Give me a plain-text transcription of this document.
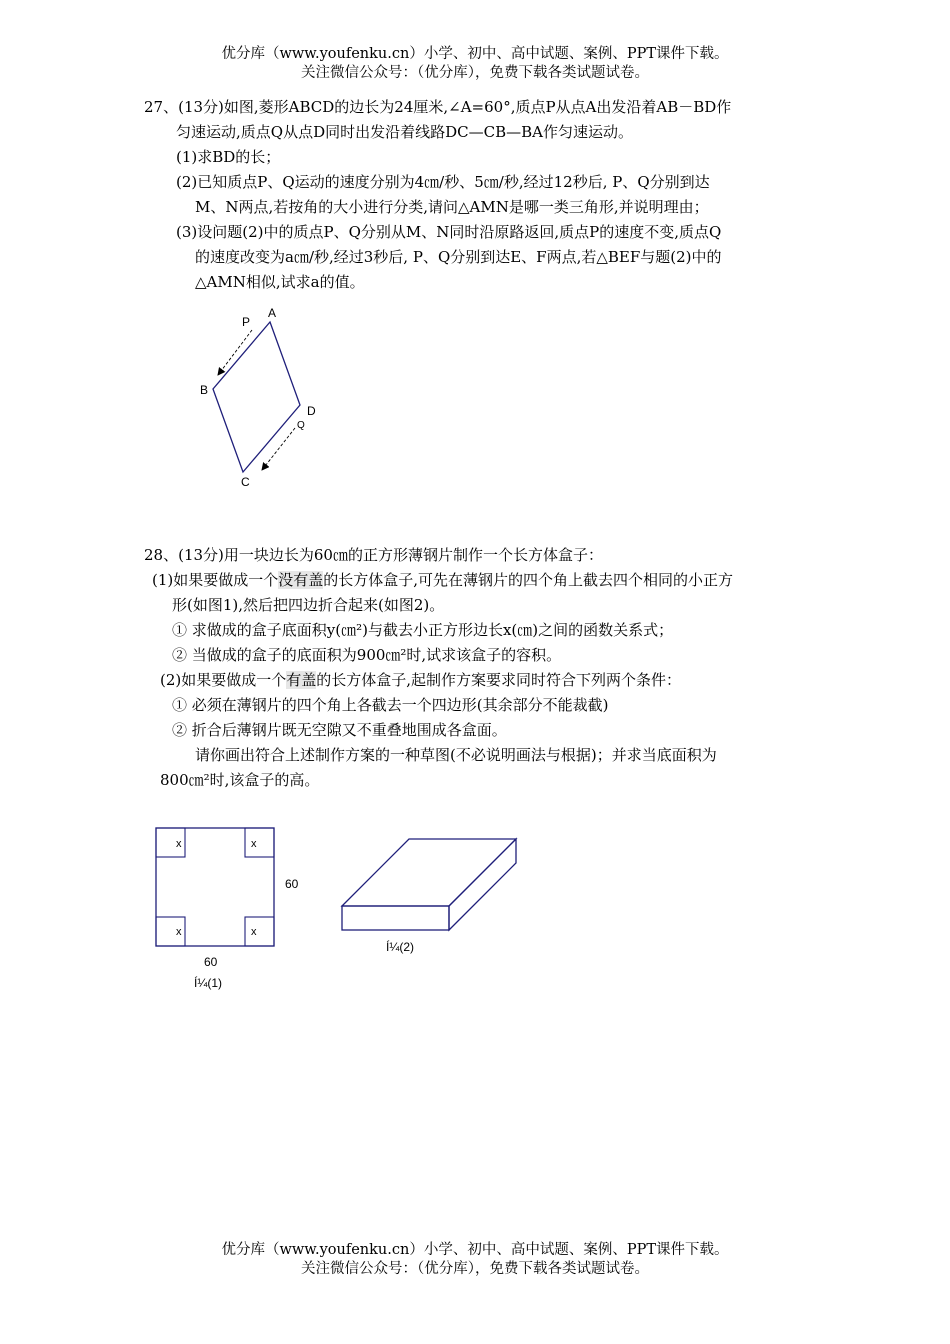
优分库（www.youfenku.cn）小学、初中、高中试题、案例、PPT课件下载。
关注微信公众号：（优分库），免费下载各类试题试卷。
27、(13分)如图,菱形ABCD的边长为24厘米,∠A=60°,质点P从点A出发沿着AB－BD作
匀速运动,质点Q从点D同时出发沿着线路DC—CB—BA作匀速运动。
(1)求BD的长；
(2)已知质点P、Q运动的速度分别为4㎝/秒、5㎝/秒,经过12秒后, P、Q分别到达
M、N两点,若按角的大小进行分类,请问△AMN是哪一类三角形,并说明理由；
(3)设问题(2)中的质点P、Q分别从M、N同时沿原路返回,质点P的速度不变,质点Q
的速度改变为a㎝/秒,经过3秒后, P、Q分别到达E、F两点,若△BEF与题(2)中的
△AMN相似,试求a的值。
A
P
B
D
Q
C
28、(13分)用一块边长为60㎝的正方形薄钢片制作一个长方体盒子：
(1)如果要做成一个没有盖的长方体盒子,可先在薄钢片的四个角上截去四个相同的小正方
形(如图1),然后把四边折合起来(如图2)。
① 求做成的盒子底面积y(㎝²)与截去小正方形边长x(㎝)之间的函数关系式；
② 当做成的盒子的底面积为900㎝²时,试求该盒子的容积。
(2)如果要做成一个有盖的长方体盒子,起制作方案要求同时符合下列两个条件：
① 必须在薄钢片的四个角上各截去一个四边形(其余部分不能裁截)
② 折合后薄钢片既无空隙又不重叠地围成各盒面。
请你画出符合上述制作方案的一种草图(不必说明画法与根据)；并求当底面积为
800㎝²时,该盒子的高。
x	x
x	x
60
60
Í¼(1)
Í¼(2)
优分库（www.youfenku.cn）小学、初中、高中试题、案例、PPT课件下载。
关注微信公众号：（优分库），免费下载各类试题试卷。
